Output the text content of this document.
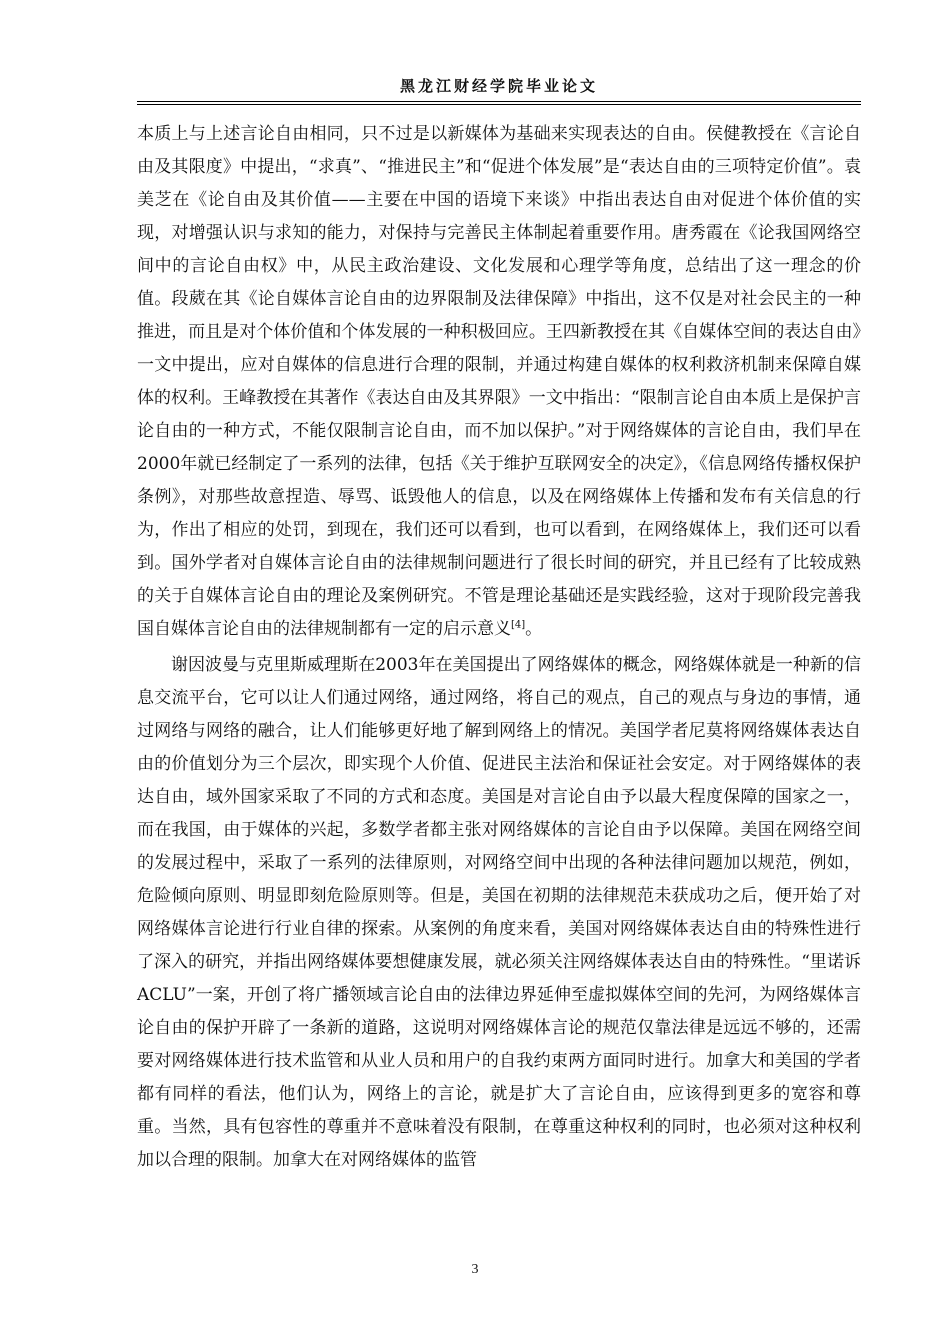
黑龙江财经学院毕业论文

本质上与上述言论自由相同，只不过是以新媒体为基础来实现表达的自由。侯健教授在《言论自由及其限度》中提出，“求真”、“推进民主”和“促进个体发展”是“表达自由的三项特定价值”。袁美芝在《论自由及其价值——主要在中国的语境下来谈》中指出表达自由对促进个体价值的实现，对增强认识与求知的能力，对保持与完善民主体制起着重要作用。唐秀霞在《论我国网络空间中的言论自由权》中，从民主政治建设、文化发展和心理学等角度，总结出了这一理念的价值。段葳在其《论自媒体言论自由的边界限制及法律保障》中指出，这不仅是对社会民主的一种推进，而且是对个体价值和个体发展的一种积极回应。王四新教授在其《自媒体空间的表达自由》一文中提出，应对自媒体的信息进行合理的限制，并通过构建自媒体的权利救济机制来保障自媒体的权利。王峰教授在其著作《表达自由及其界限》一文中指出：“限制言论自由本质上是保护言论自由的一种方式，不能仅限制言论自由，而不加以保护。”对于网络媒体的言论自由，我们早在2000年就已经制定了一系列的法律，包括《关于维护互联网安全的决定》，《信息网络传播权保护条例》，对那些故意捏造、辱骂、诋毁他人的信息，以及在网络媒体上传播和发布有关信息的行为，作出了相应的处罚，到现在，我们还可以看到，也可以看到，在网络媒体上，我们还可以看到。国外学者对自媒体言论自由的法律规制问题进行了很长时间的研究，并且已经有了比较成熟的关于自媒体言论自由的理论及案例研究。不管是理论基础还是实践经验，这对于现阶段完善我国自媒体言论自由的法律规制都有一定的启示意义[4]。

谢因波曼与克里斯威理斯在2003年在美国提出了网络媒体的概念，网络媒体就是一种新的信息交流平台，它可以让人们通过网络，通过网络，将自己的观点，自己的观点与身边的事情，通过网络与网络的融合，让人们能够更好地了解到网络上的情况。美国学者尼莫将网络媒体表达自由的价值划分为三个层次，即实现个人价值、促进民主法治和保证社会安定。对于网络媒体的表达自由，域外国家采取了不同的方式和态度。美国是对言论自由予以最大程度保障的国家之一，而在我国，由于媒体的兴起，多数学者都主张对网络媒体的言论自由予以保障。美国在网络空间的发展过程中，采取了一系列的法律原则，对网络空间中出现的各种法律问题加以规范，例如，危险倾向原则、明显即刻危险原则等。但是，美国在初期的法律规范未获成功之后，便开始了对网络媒体言论进行行业自律的探索。从案例的角度来看，美国对网络媒体表达自由的特殊性进行了深入的研究，并指出网络媒体要想健康发展，就必须关注网络媒体表达自由的特殊性。“里诺诉ACLU”一案，开创了将广播领域言论自由的法律边界延伸至虚拟媒体空间的先河，为网络媒体言论自由的保护开辟了一条新的道路，这说明对网络媒体言论的规范仅靠法律是远远不够的，还需要对网络媒体进行技术监管和从业人员和用户的自我约束两方面同时进行。加拿大和美国的学者都有同样的看法，他们认为，网络上的言论，就是扩大了言论自由，应该得到更多的宽容和尊重。当然，具有包容性的尊重并不意味着没有限制，在尊重这种权利的同时，也必须对这种权利加以合理的限制。加拿大在对网络媒体的监管

3
